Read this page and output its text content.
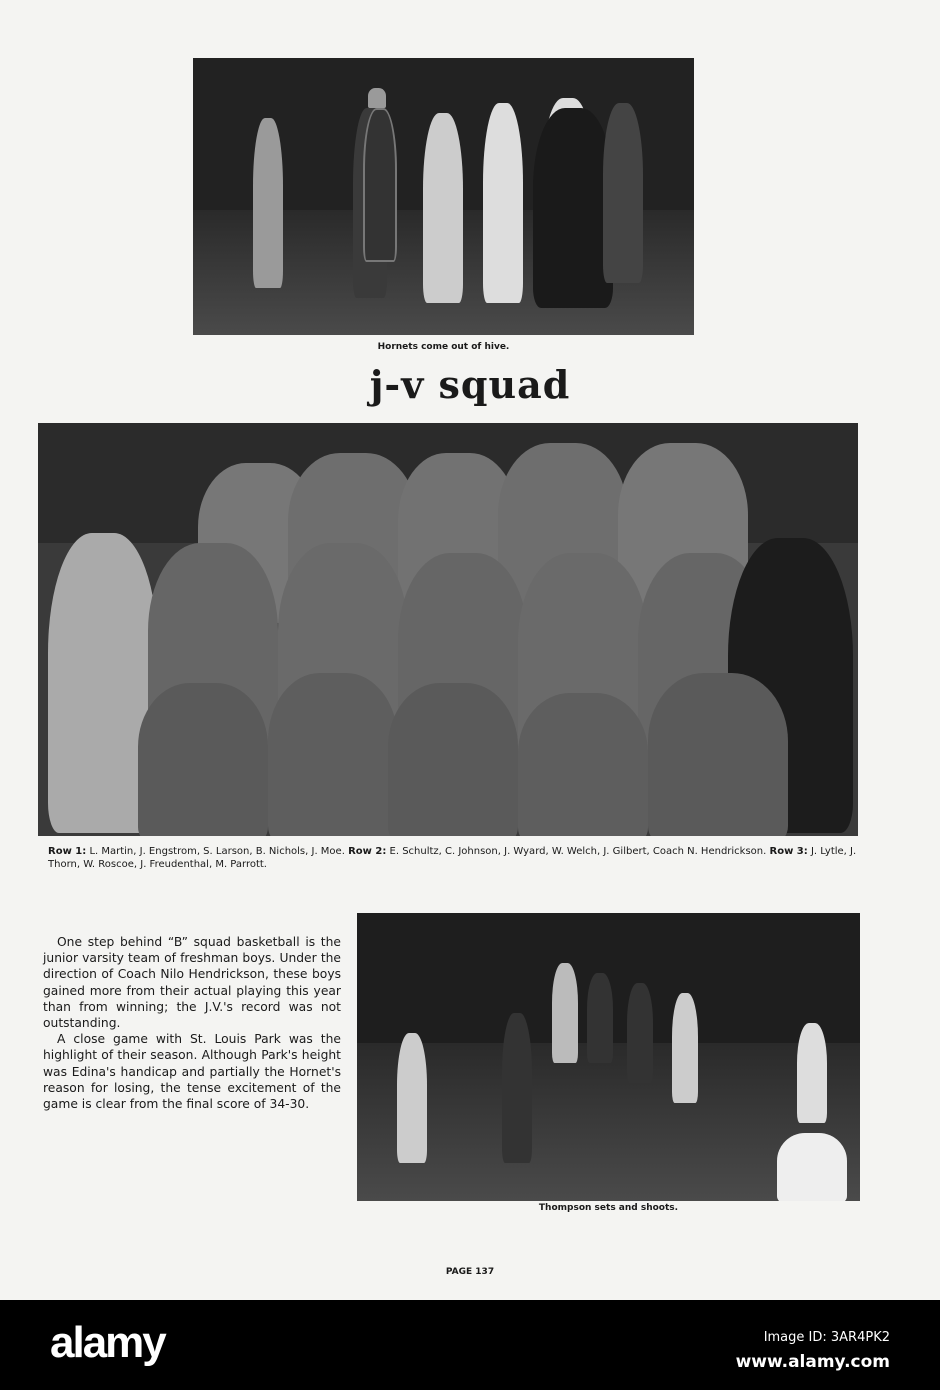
Hornets come out of hive.
j-v squad
Row 1: L. Martin, J. Engstrom, S. Larson, B. Nichols, J. Moe. Row 2: E. Schultz, C. Johnson, J. Wyard, W. Welch, J. Gilbert, Coach N. Hendrickson. Row 3: J. Lytle, J. Thorn, W. Roscoe, J. Freudenthal, M. Parrott.

One step behind “B” squad basketball is the junior varsity team of freshman boys. Under the direction of Coach Nilo Hendrickson, these boys gained more from their actual playing this year than from winning; the J.V.'s record was not outstanding.

A close game with St. Louis Park was the highlight of their season. Although Park's height was Edina's handicap and partially the Hornet's reason for losing, the tense excitement of the game is clear from the final score of 34-30.

Thompson sets and shoots.
PAGE 137
alamy	Image ID: 3AR4PK2
www.alamy.com
